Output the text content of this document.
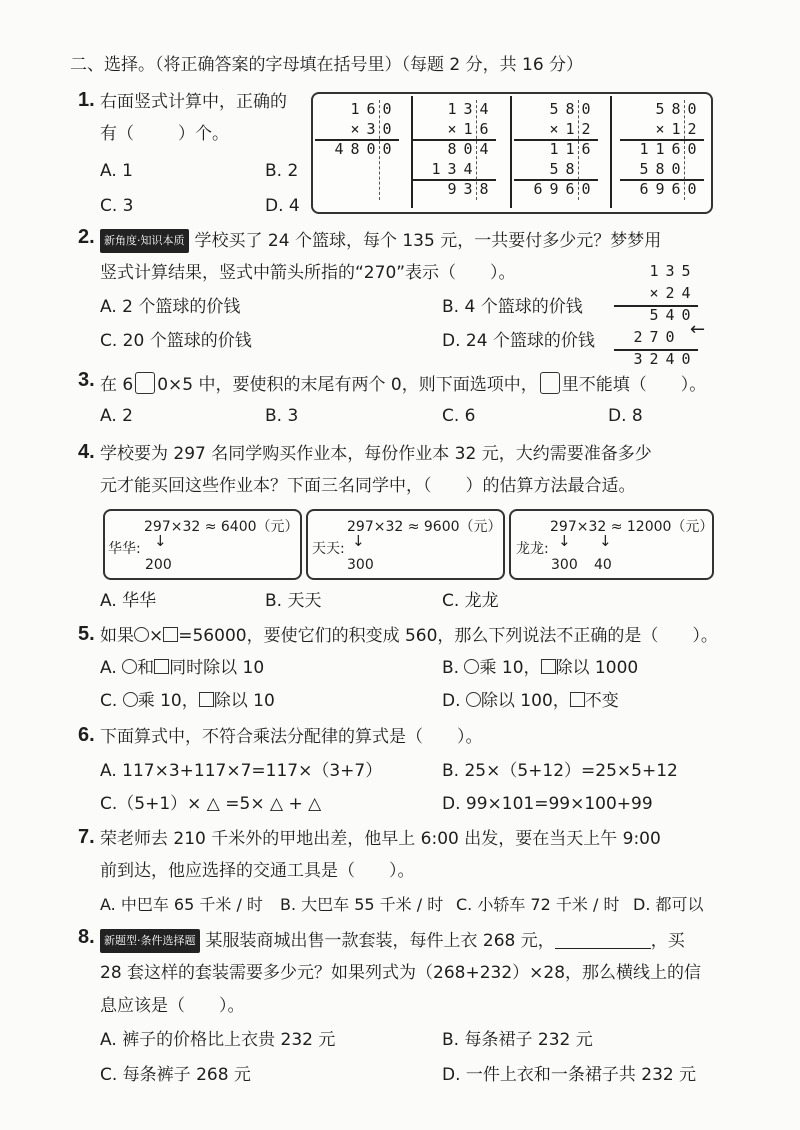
二、选择。（将正确答案的字母填在括号里）（每题 2 分，共 16 分）
1. 右面竖式计算中，正确的
有（	）个。
A. 1	B. 2
C. 3	D. 4
1 6 0
× 3 0
4 8 0 0
1 3 4
× 1 6
8 0 4
1 3 4
9 3 8
5 8 0
× 1 2
1 1 6
5 8
6 9 6 0
5 8 0
× 1 2
1 1 6 0
5 8 0
6 9 6 0
2. 新角度·知识本质 学校买了 24 个篮球，每个 135 元，一共要付多少元？梦梦用
竖式计算结果，竖式中箭头所指的“270”表示（　　）。
A. 2 个篮球的价钱	B. 4 个篮球的价钱
C. 20 个篮球的价钱	D. 24 个篮球的价钱
1 3 5
× 2 4
5 4 0
2 7 0
3 2 4 0
←
3. 在 6 0×5 中，要使积的末尾有两个 0，则下面选项中， 里不能填（　　）。
A. 2	B. 3	C. 6	D. 8
4. 学校要为 297 名同学购买作业本，每份作业本 32 元，大约需要准备多少
元才能买回这些作业本？下面三名同学中，（　　）的估算方法最合适。
297×32 ≈ 6400（元）
华华:
200
↓
297×32 ≈ 9600（元）
天天:
300
↓
297×32 ≈ 12000（元）
龙龙:
300 40
↓ ↓
A. 华华	B. 天天	C. 龙龙
5. 如果 × =56000，要使它们的积变成 560，那么下列说法不正确的是（　　）。
A. 和 同时除以 10	B. 乘 10， 除以 1000
C. 乘 10， 除以 10	D. 除以 100， 不变
6. 下面算式中，不符合乘法分配律的算式是（　　）。
A. 117×3+117×7=117×（3+7）	B. 25×（5+12）=25×5+12
C.（5+1）× △ =5× △ + △	D. 99×101=99×100+99
7. 荣老师去 210 千米外的甲地出差，他早上 6:00 出发，要在当天上午 9:00
前到达，他应选择的交通工具是（　　）。
A. 中巴车 65 千米 / 时 B. 大巴车 55 千米 / 时 C. 小轿车 72 千米 / 时 D. 都可以
8. 新题型·条件选择题 某服装商城出售一款套装，每件上衣 268 元，	，买
28 套这样的套装需要多少元？如果列式为（268+232）×28，那么横线上的信
息应该是（　　）。
A. 裤子的价格比上衣贵 232 元	B. 每条裙子 232 元
C. 每条裤子 268 元	D. 一件上衣和一条裙子共 232 元
